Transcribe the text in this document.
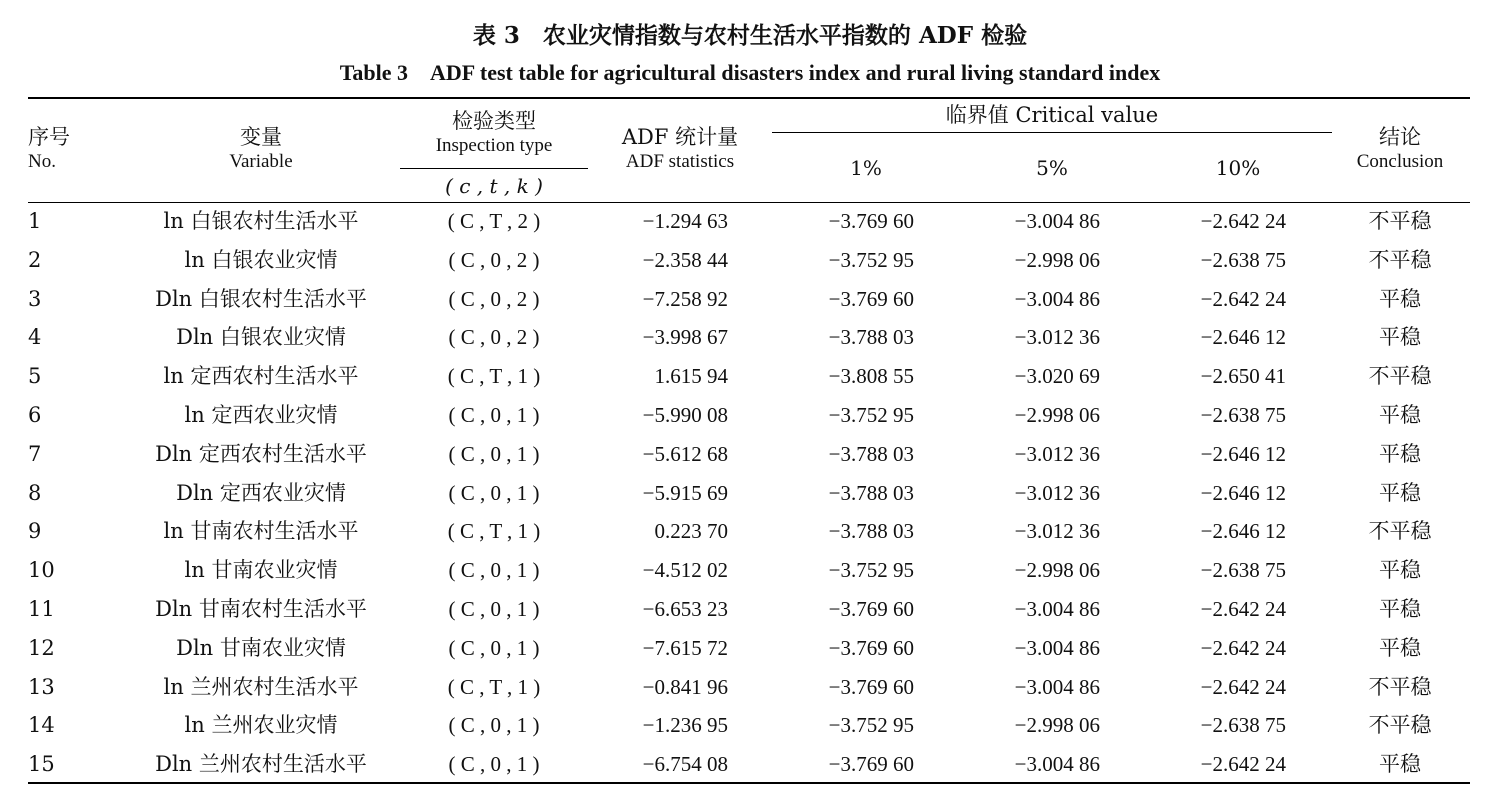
表 3　农业灾情指数与农村生活水平指数的 ADF 检验
Table 3　ADF test table for agricultural disasters index and rural living standard index
序号
No.
变量
Variable
检验类型
Inspection type
( c , t , k )
ADF 统计量
ADF statistics
临界值 Critical value
1%	5%	10%
结论
Conclusion
1	ln 白银农村生活水平	( C , T , 2 )	−1.294 63	−3.769 60	−3.004 86	−2.642 24	不平稳
2	ln 白银农业灾情	( C , 0 , 2 )	−2.358 44	−3.752 95	−2.998 06	−2.638 75	不平稳
3	Dln 白银农村生活水平	( C , 0 , 2 )	−7.258 92	−3.769 60	−3.004 86	−2.642 24	平稳
4	Dln 白银农业灾情	( C , 0 , 2 )	−3.998 67	−3.788 03	−3.012 36	−2.646 12	平稳
5	ln 定西农村生活水平	( C , T , 1 )	1.615 94	−3.808 55	−3.020 69	−2.650 41	不平稳
6	ln 定西农业灾情	( C , 0 , 1 )	−5.990 08	−3.752 95	−2.998 06	−2.638 75	平稳
7	Dln 定西农村生活水平	( C , 0 , 1 )	−5.612 68	−3.788 03	−3.012 36	−2.646 12	平稳
8	Dln 定西农业灾情	( C , 0 , 1 )	−5.915 69	−3.788 03	−3.012 36	−2.646 12	平稳
9	ln 甘南农村生活水平	( C , T , 1 )	0.223 70	−3.788 03	−3.012 36	−2.646 12	不平稳
10	ln 甘南农业灾情	( C , 0 , 1 )	−4.512 02	−3.752 95	−2.998 06	−2.638 75	平稳
11	Dln 甘南农村生活水平	( C , 0 , 1 )	−6.653 23	−3.769 60	−3.004 86	−2.642 24	平稳
12	Dln 甘南农业灾情	( C , 0 , 1 )	−7.615 72	−3.769 60	−3.004 86	−2.642 24	平稳
13	ln 兰州农村生活水平	( C , T , 1 )	−0.841 96	−3.769 60	−3.004 86	−2.642 24	不平稳
14	ln 兰州农业灾情	( C , 0 , 1 )	−1.236 95	−3.752 95	−2.998 06	−2.638 75	不平稳
15	Dln 兰州农村生活水平	( C , 0 , 1 )	−6.754 08	−3.769 60	−3.004 86	−2.642 24	平稳
